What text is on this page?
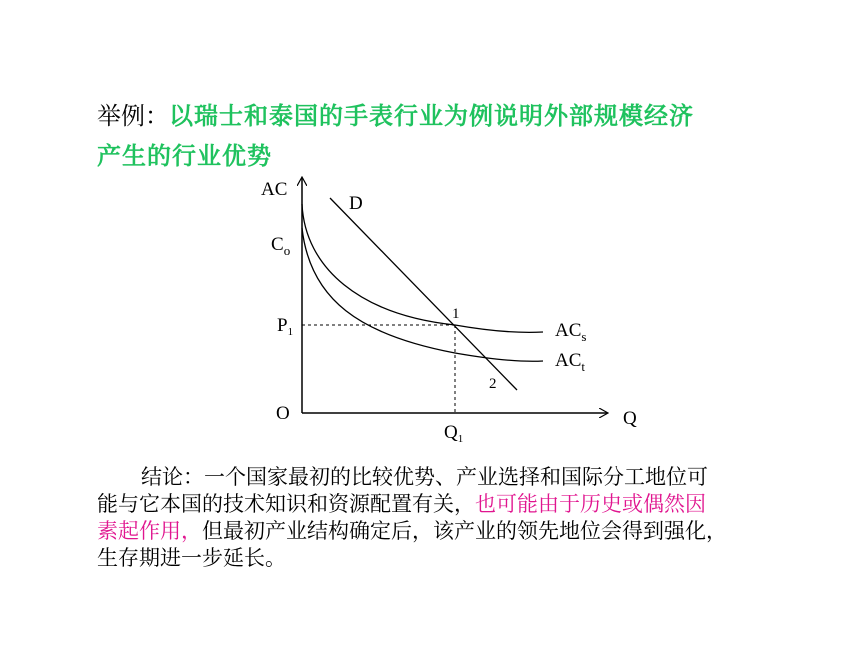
举例：以瑞士和泰国的手表行业为例说明外部规模经济
产生的行业优势
AC
D
$C_o$
$P_1$
1
2
$AC_s$
$AC_t$
O	Q
$Q_1$
结论：一个国家最初的比较优势、产业选择和国际分工地位可
能与它本国的技术知识和资源配置有关，也可能由于历史或偶然因
素起作用，但最初产业结构确定后，该产业的领先地位会得到强化，
生存期进一步延长。
